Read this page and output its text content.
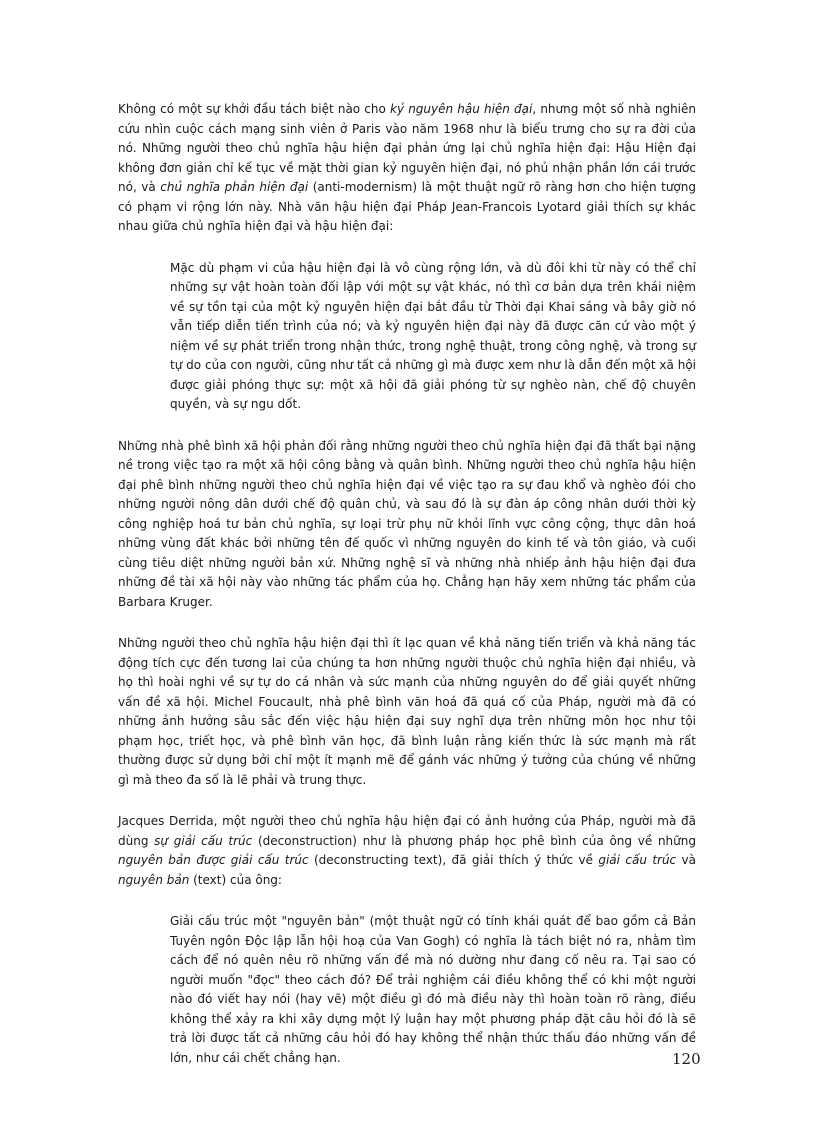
Không có một sự khởi đầu tách biệt nào cho kỷ nguyên hậu hiện đại, nhưng một số nhà nghiên cứu nhìn cuộc cách mạng sinh viên ở Paris vào năm 1968 như là biểu trưng cho sự ra đời của nó. Những người theo chủ nghĩa hậu hiện đại phản ứng lại chủ nghĩa hiện đại: Hậu Hiện đại không đơn giản chỉ kế tục về mặt thời gian kỷ nguyên hiện đại, nó phủ nhận phần lớn cái trước nó, và chủ nghĩa phản hiện đại (anti-modernism) là một thuật ngữ rõ ràng hơn cho hiện tượng có phạm vi rộng lớn này. Nhà văn hậu hiện đại Pháp Jean-Francois Lyotard giải thích sự khác nhau giữa chủ nghĩa hiện đại và hậu hiện đại:

Mặc dù phạm vi của hậu hiện đại là vô cùng rộng lớn, và dù đôi khi từ này có thể chỉ những sự vật hoàn toàn đối lập với một sự vật khác, nó thì cơ bản dựa trên khái niệm về sự tồn tại của một kỷ nguyên hiện đại bắt đầu từ Thời đại Khai sáng và bây giờ nó vẫn tiếp diễn tiến trình của nó; và kỷ nguyên hiện đại này đã được căn cứ vào một ý niệm về sự phát triển trong nhận thức, trong nghệ thuật, trong công nghệ, và trong sự tự do của con người, cũng như tất cả những gì mà được xem như là dẫn đến một xã hội được giải phóng thực sự: một xã hội đã giải phóng từ sự nghèo nàn, chế độ chuyên quyền, và sự ngu dốt.

Những nhà phê bình xã hội phản đối rằng những người theo chủ nghĩa hiện đại đã thất bại nặng nề trong việc tạo ra một xã hội công bằng và quân bình. Những người theo chủ nghĩa hậu hiện đại phê bình những người theo chủ nghĩa hiện đại về việc tạo ra sự đau khổ và nghèo đói cho những người nông dân dưới chế độ quân chủ, và sau đó là sự đàn áp công nhân dưới thời kỳ công nghiệp hoá tư bản chủ nghĩa, sự loại trừ phụ nữ khỏi lĩnh vực công cộng, thực dân hoá những vùng đất khác bởi những tên đế quốc vì những nguyên do kinh tế và tôn giáo, và cuối cùng tiêu diệt những người bản xứ. Những nghệ sĩ và những nhà nhiếp ảnh hậu hiện đại đưa những đề tài xã hội này vào những tác phẩm của họ. Chẳng hạn hãy xem những tác phẩm của Barbara Kruger.

Những người theo chủ nghĩa hậu hiện đại thì ít lạc quan về khả năng tiến triển và khả năng tác động tích cực đến tương lai của chúng ta hơn những người thuộc chủ nghĩa hiện đại nhiều, và họ thì hoài nghi về sự tự do cá nhân và sức mạnh của những nguyên do để giải quyết những vấn đề xã hội. Michel Foucault, nhà phê bình văn hoá đã quá cố của Pháp, người mà đã có những ảnh hưởng sâu sắc đến việc hậu hiện đại suy nghĩ dựa trên những môn học như tội phạm học, triết học, và phê bình văn học, đã bình luận rằng kiến thức là sức mạnh mà rất thường được sử dụng bởi chỉ một ít mạnh mẽ để gánh vác những ý tưởng của chúng về những gì mà theo đa số là lẽ phải và trung thực.

Jacques Derrida, một người theo chủ nghĩa hậu hiện đại có ảnh hưởng của Pháp, người mà đã dùng sự giải cấu trúc (deconstruction) như là phương pháp học phê bình của ông về những nguyên bản được giải cấu trúc (deconstructing text), đã giải thích ý thức về giải cấu trúc và nguyên bản (text) của ông:

Giải cấu trúc một "nguyên bản" (một thuật ngữ có tính khái quát để bao gồm cả Bản Tuyên ngôn Độc lập lẫn hội hoạ của Van Gogh) có nghĩa là tách biệt nó ra, nhằm tìm cách để nó quên nêu rõ những vấn đề mà nó dường như đang cố nêu ra. Tại sao có người muốn "đọc" theo cách đó? Để trải nghiệm cái điều không thể có khi một người nào đó viết hay nói (hay vẽ) một điều gì đó mà điều này thì hoàn toàn rõ ràng, điều không thể xảy ra khi xây dựng một lý luận hay một phương pháp đặt câu hỏi đó là sẽ trả lời được tất cả những câu hỏi đó hay không thể nhận thức thấu đáo những vấn đề lớn, như cái chết chẳng hạn.	120
